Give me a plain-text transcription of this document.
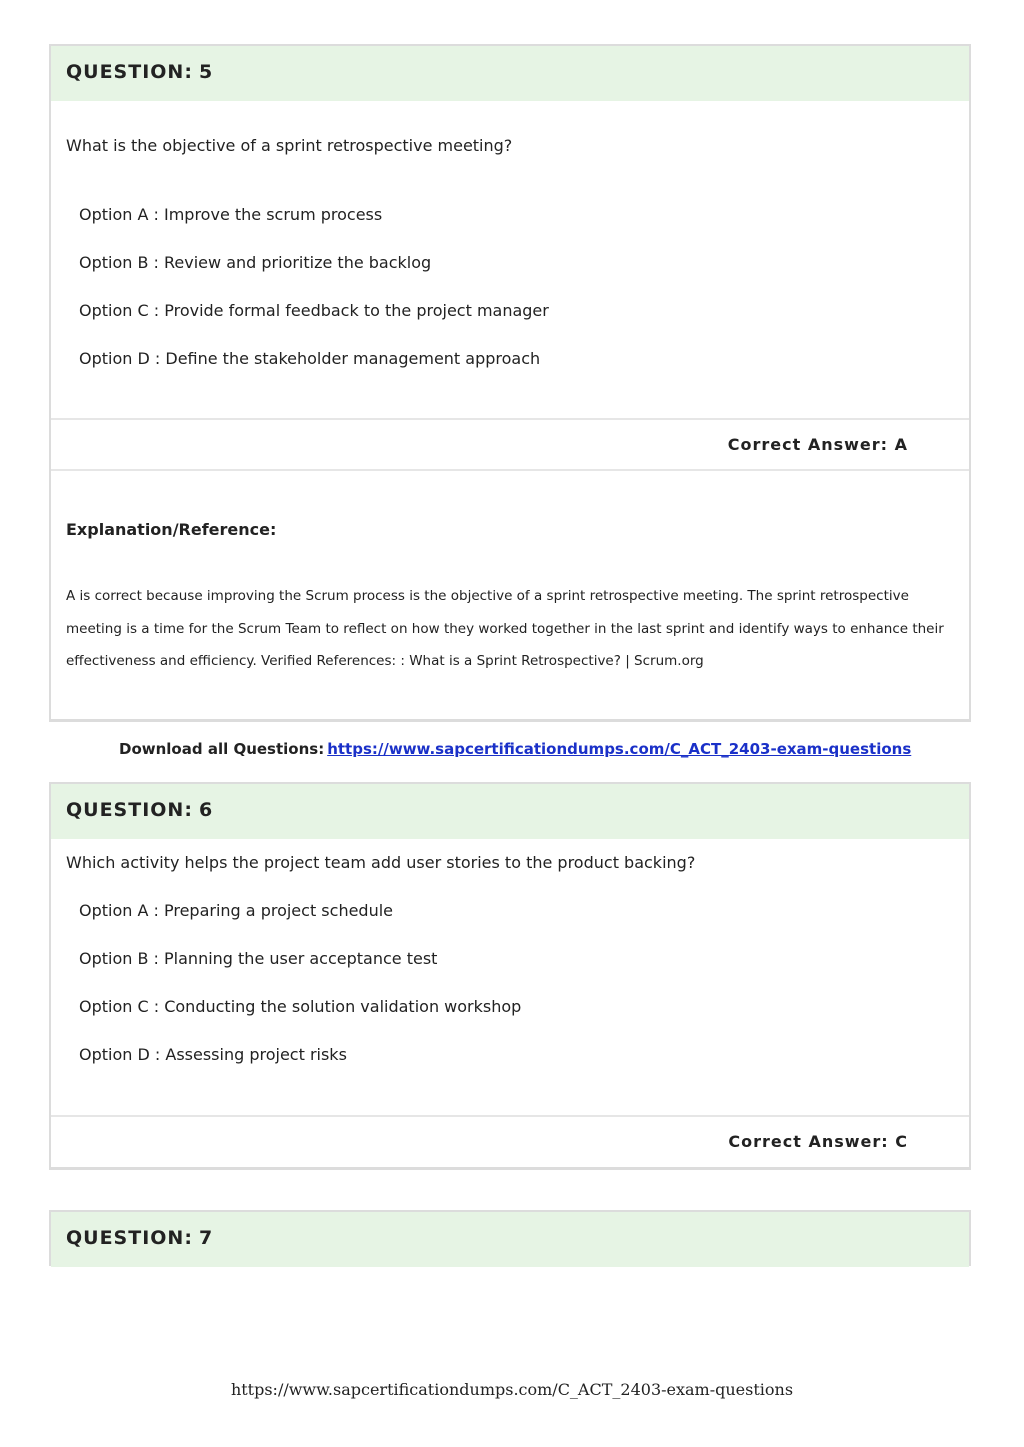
QUESTION: 5
What is the objective of a sprint retrospective meeting?
Option A : Improve the scrum process
Option B : Review and prioritize the backlog
Option C : Provide formal feedback to the project manager
Option D : Define the stakeholder management approach
Correct Answer: A
Explanation/Reference:
A is correct because improving the Scrum process is the objective of a sprint retrospective meeting. The sprint retrospective meeting is a time for the Scrum Team to reflect on how they worked together in the last sprint and identify ways to enhance their effectiveness and efficiency. Verified References: : What is a Sprint Retrospective? | Scrum.org
Download all Questions: https://www.sapcertificationdumps.com/C_ACT_2403-exam-questions
QUESTION: 6
Which activity helps the project team add user stories to the product backing?
Option A : Preparing a project schedule
Option B : Planning the user acceptance test
Option C : Conducting the solution validation workshop
Option D : Assessing project risks
Correct Answer: C
QUESTION: 7
https://www.sapcertificationdumps.com/C_ACT_2403-exam-questions
